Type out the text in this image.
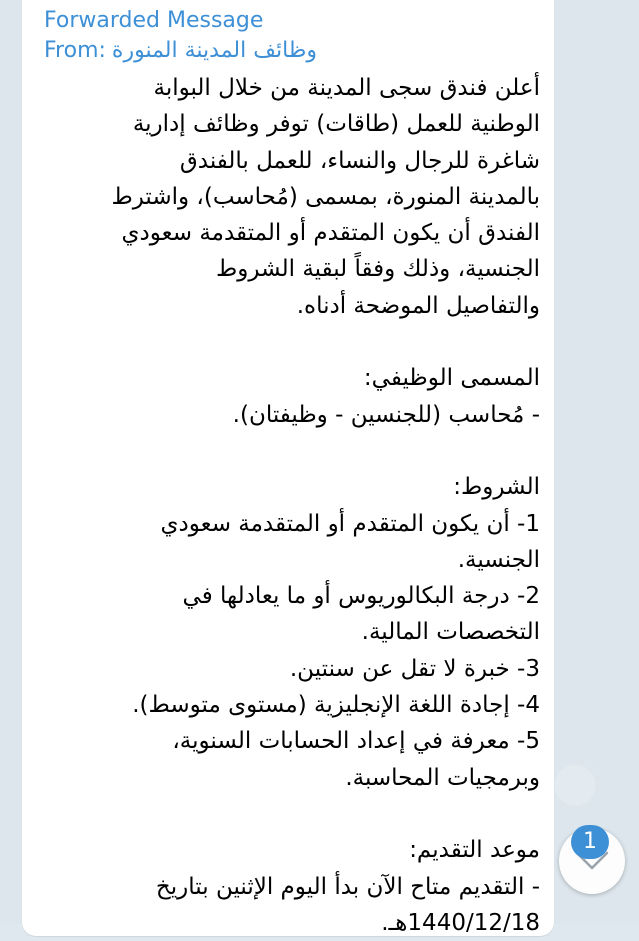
Forwarded Message
From: وظائف المدينة المنورة

أعلن فندق سجى المدينة من خلال البوابة

الوطنية للعمل (طاقات) توفر وظائف إدارية

شاغرة للرجال والنساء، للعمل بالفندق

بالمدينة المنورة، بمسمى (مُحاسب)، واشترط

الفندق أن يكون المتقدم أو المتقدمة سعودي

الجنسية، وذلك وفقاً لبقية الشروط

والتفاصيل الموضحة أدناه.

المسمى الوظيفي:

- مُحاسب (للجنسين - وظيفتان).

الشروط:

1- أن يكون المتقدم أو المتقدمة سعودي

الجنسية.

2- درجة البكالوريوس أو ما يعادلها في

التخصصات المالية.

3- خبرة لا تقل عن سنتين.

4- إجادة اللغة الإنجليزية (مستوى متوسط).

5- معرفة في إعداد الحسابات السنوية،

وبرمجيات المحاسبة.

موعد التقديم:

- التقديم متاح الآن بدأ اليوم الإثنين بتاريخ

1440/12/18هـ.

1
